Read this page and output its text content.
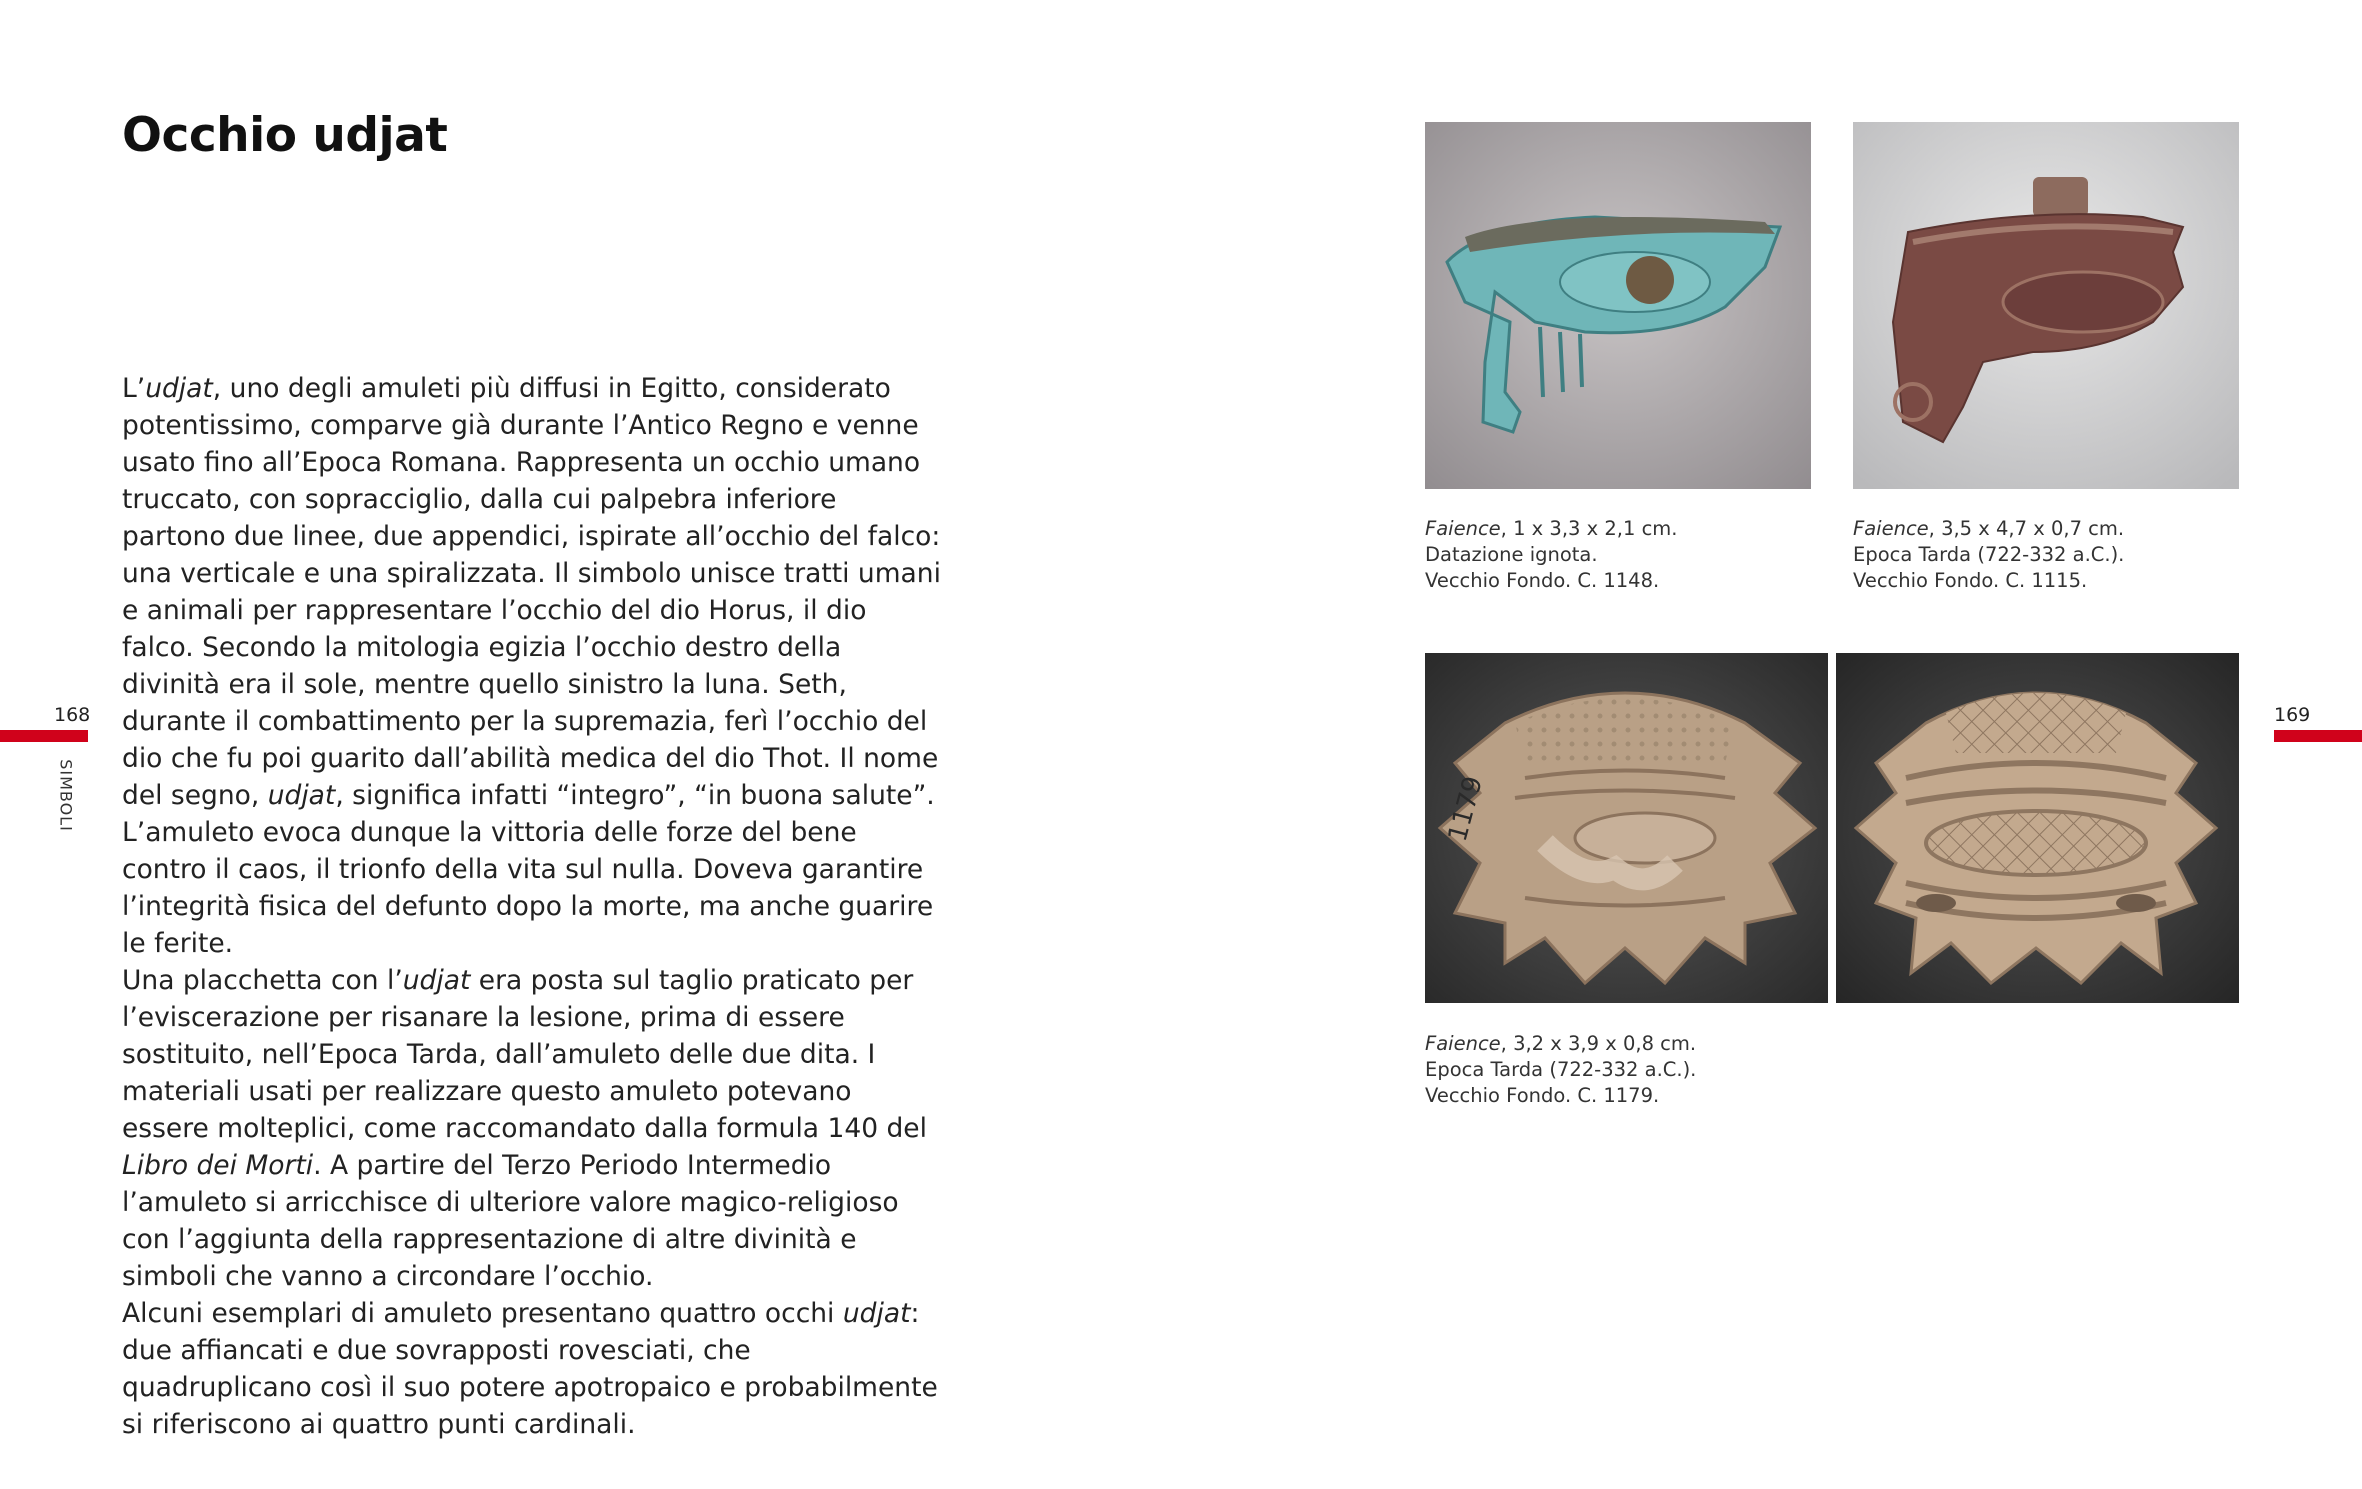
Occhio udjat
168
SIMBOLI
169

L’udjat, uno degli amuleti più diffusi in Egitto, considerato potentissimo, comparve già durante l’Antico Regno e venne usato fino all’Epoca Romana. Rappresenta un occhio umano truccato, con sopracciglio, dalla cui palpebra inferiore partono due linee, due appendici, ispirate all’occhio del falco: una verticale e una spiralizzata. Il simbolo unisce tratti umani e animali per rappresentare l’occhio del dio Horus, il dio falco. Secondo la mitologia egizia l’occhio destro della divinità era il sole, mentre quello sinistro la luna. Seth, durante il combattimento per la supremazia, ferì l’occhio del dio che fu poi guarito dall’abilità medica del dio Thot. Il nome del segno, udjat, significa infatti “integro”, “in buona salute”. L’amuleto evoca dunque la vittoria delle forze del bene contro il caos, il trionfo della vita sul nulla. Doveva garantire l’integrità fisica del defunto dopo la morte, ma anche guarire le ferite.

Una placchetta con l’udjat era posta sul taglio praticato per l’eviscerazione per risanare la lesione, prima di essere sostituito, nell’Epoca Tarda, dall’amuleto delle due dita. I materiali usati per realizzare questo amuleto potevano essere molteplici, come raccomandato dalla formula 140 del Libro dei Morti. A partire del Terzo Periodo Intermedio l’amuleto si arricchisce di ulteriore valore magico-religioso con l’aggiunta della rappresentazione di altre divinità e simboli che vanno a circondare l’occhio.

Alcuni esemplari di amuleto presentano quattro occhi udjat: due affiancati e due sovrapposti rovesciati, che quadruplicano così il suo potere apotropaico e probabilmente si riferiscono ai quattro punti cardinali.

1179
Faience, 1 x 3,3 x 2,1 cm.
Datazione ignota.
Vecchio Fondo. C. 1148.
Faience, 3,5 x 4,7 x 0,7 cm.
Epoca Tarda (722-332 a.C.).
Vecchio Fondo. C. 1115.
Faience, 3,2 x 3,9 x 0,8 cm.
Epoca Tarda (722-332 a.C.).
Vecchio Fondo. C. 1179.
